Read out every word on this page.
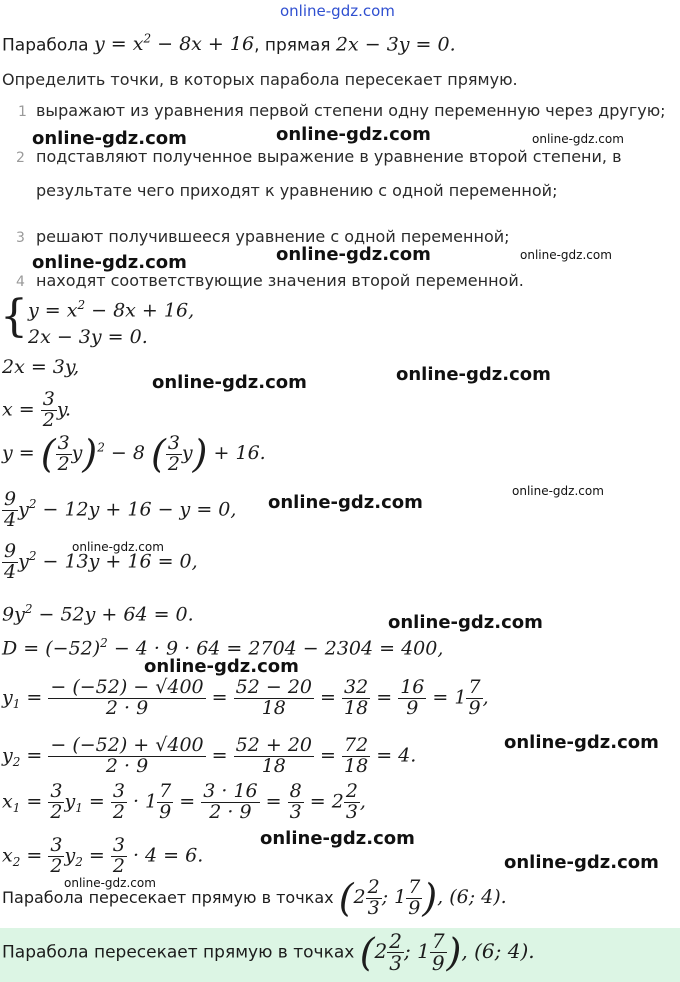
online-gdz.com
Парабола $y = x^2 - 8x + 16$, прямая 2x − 3y = 0.
Определить точки, в которых парабола пересекает прямую.
1 выражают из уравнения первой степени одну переменную через другую;
2 подставляют полученное выражение в уравнение второй степени, в
результате чего приходят к уравнению с одной переменной;
3 решают получившееся уравнение с одной переменной;
4 находят соответствующие значения второй переменной.
{ $y = x^2 - 8x + 16$,
2x − 3y = 0.
2x = 3y,
$x = \frac{3}{2} y$.
y = ( $\frac{3}{2} y)^2 - 8$ ( $\frac{3}{2} y) + 16$.
$\frac{9}{4} y^2 - 12y + 16 - y = 0$,
$\frac{9}{4} y^2 - 13y + 16 = 0$,
$9y^2 - 52y + 64 = 0$.
$D = (-52)^2 - 4 \cdot 9 \cdot 64 = 2704 - 2304 = 400$,
$y_1 = \frac{- (-52) - √400}{2 \cdot 9} = \frac{52 - 20}{18} = \frac{32}{18} = \frac{16}{9} = 1 \frac{7}{9}$ ,
$y_2 = \frac{- (-52) + √400}{2 \cdot 9} = \frac{52 + 20}{18} = \frac{72}{18} = 4$.
$x_1 = \frac{3}{2} y_1 = \frac{3}{2} \cdot 1 \frac{7}{9} = \frac{3 \cdot 16}{2 \cdot 9} = \frac{8}{3} = 2 \frac{2}{3}$ ,
$x_2 = \frac{3}{2} y_2 = \frac{3}{2} \cdot 4 = 6$.
Парабола пересекает прямую в точках ($2 \frac{2}{3}$ ; $1 \frac{7}{9}$ ), (6; 4).
Парабола пересекает прямую в точках ($2 \frac{2}{3}$ ; $1 \frac{7}{9}$ ), (6; 4).
online-gdz.com	online-gdz.com	online-gdz.com
online-gdz.com	online-gdz.com	online-gdz.com
online-gdz.com	online-gdz.com
online-gdz.com
online-gdz.com
online-gdz.com
online-gdz.com
online-gdz.com
online-gdz.com
online-gdz.com
online-gdz.com
online-gdz.com
